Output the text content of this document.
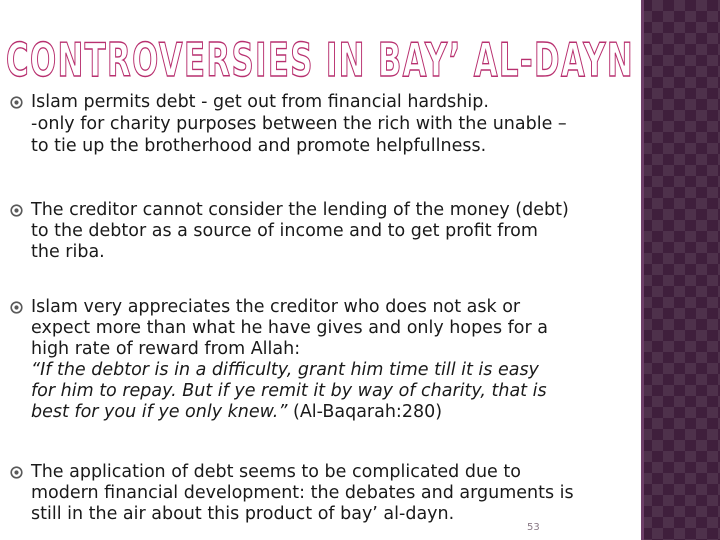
CONTROVERSIES IN BAY’ AL-DAYN
Islam permits debt - get out from financial hardship.
-only for charity purposes between the rich with the unable –
to tie up the brotherhood and promote helpfullness.
The creditor cannot consider the lending of the money (debt)
to the debtor as a source of income and to get profit from
the riba.
Islam very appreciates the creditor who does not ask or
expect more than what he have gives and only hopes for a
high rate of reward from Allah:
“If the debtor is in a difficulty, grant him time till it is easy
for him to repay. But if ye remit it by way of charity, that is
best for you if ye only knew.” (Al-Baqarah:280)
The application of debt seems to be complicated due to
modern financial development: the debates and arguments is
still in the air about this product of bay’ al-dayn.
53
